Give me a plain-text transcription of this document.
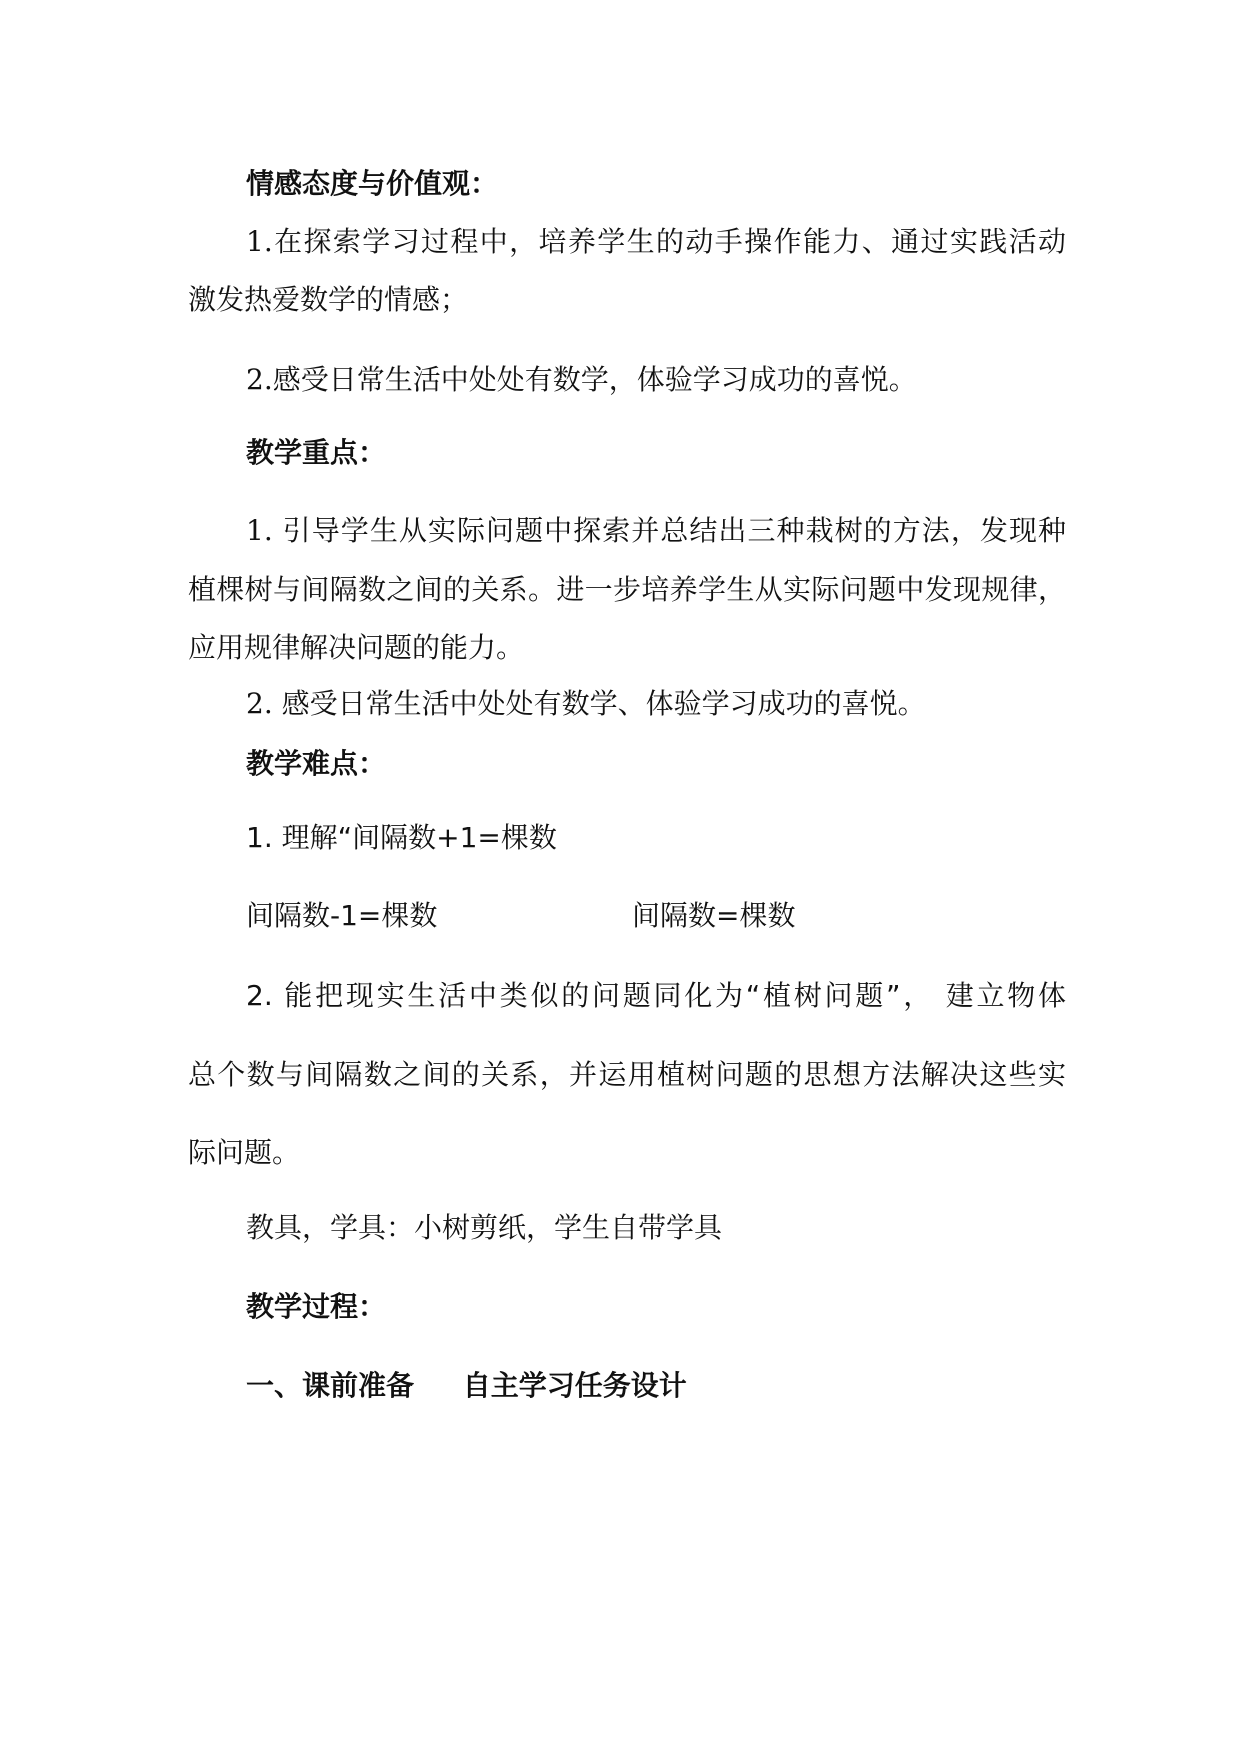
情感态度与价值观：
1.在探索学习过程中，培养学生的动手操作能力、通过实践活动
激发热爱数学的情感；
2.感受日常生活中处处有数学，体验学习成功的喜悦。
教学重点：
1. 引导学生从实际问题中探索并总结出三种栽树的方法，发现种
植棵树与间隔数之间的关系。进一步培养学生从实际问题中发现规律，
应用规律解决问题的能力。
2. 感受日常生活中处处有数学、体验学习成功的喜悦。
教学难点：
1. 理解“间隔数+1=棵数
间隔数-1=棵数	间隔数=棵数
2. 能把现实生活中类似的问题同化为“植树问题”， 建立物体
总个数与间隔数之间的关系，并运用植树问题的思想方法解决这些实
际问题。
教具，学具：小树剪纸，学生自带学具
教学过程：
一、课前准备     自主学习任务设计
